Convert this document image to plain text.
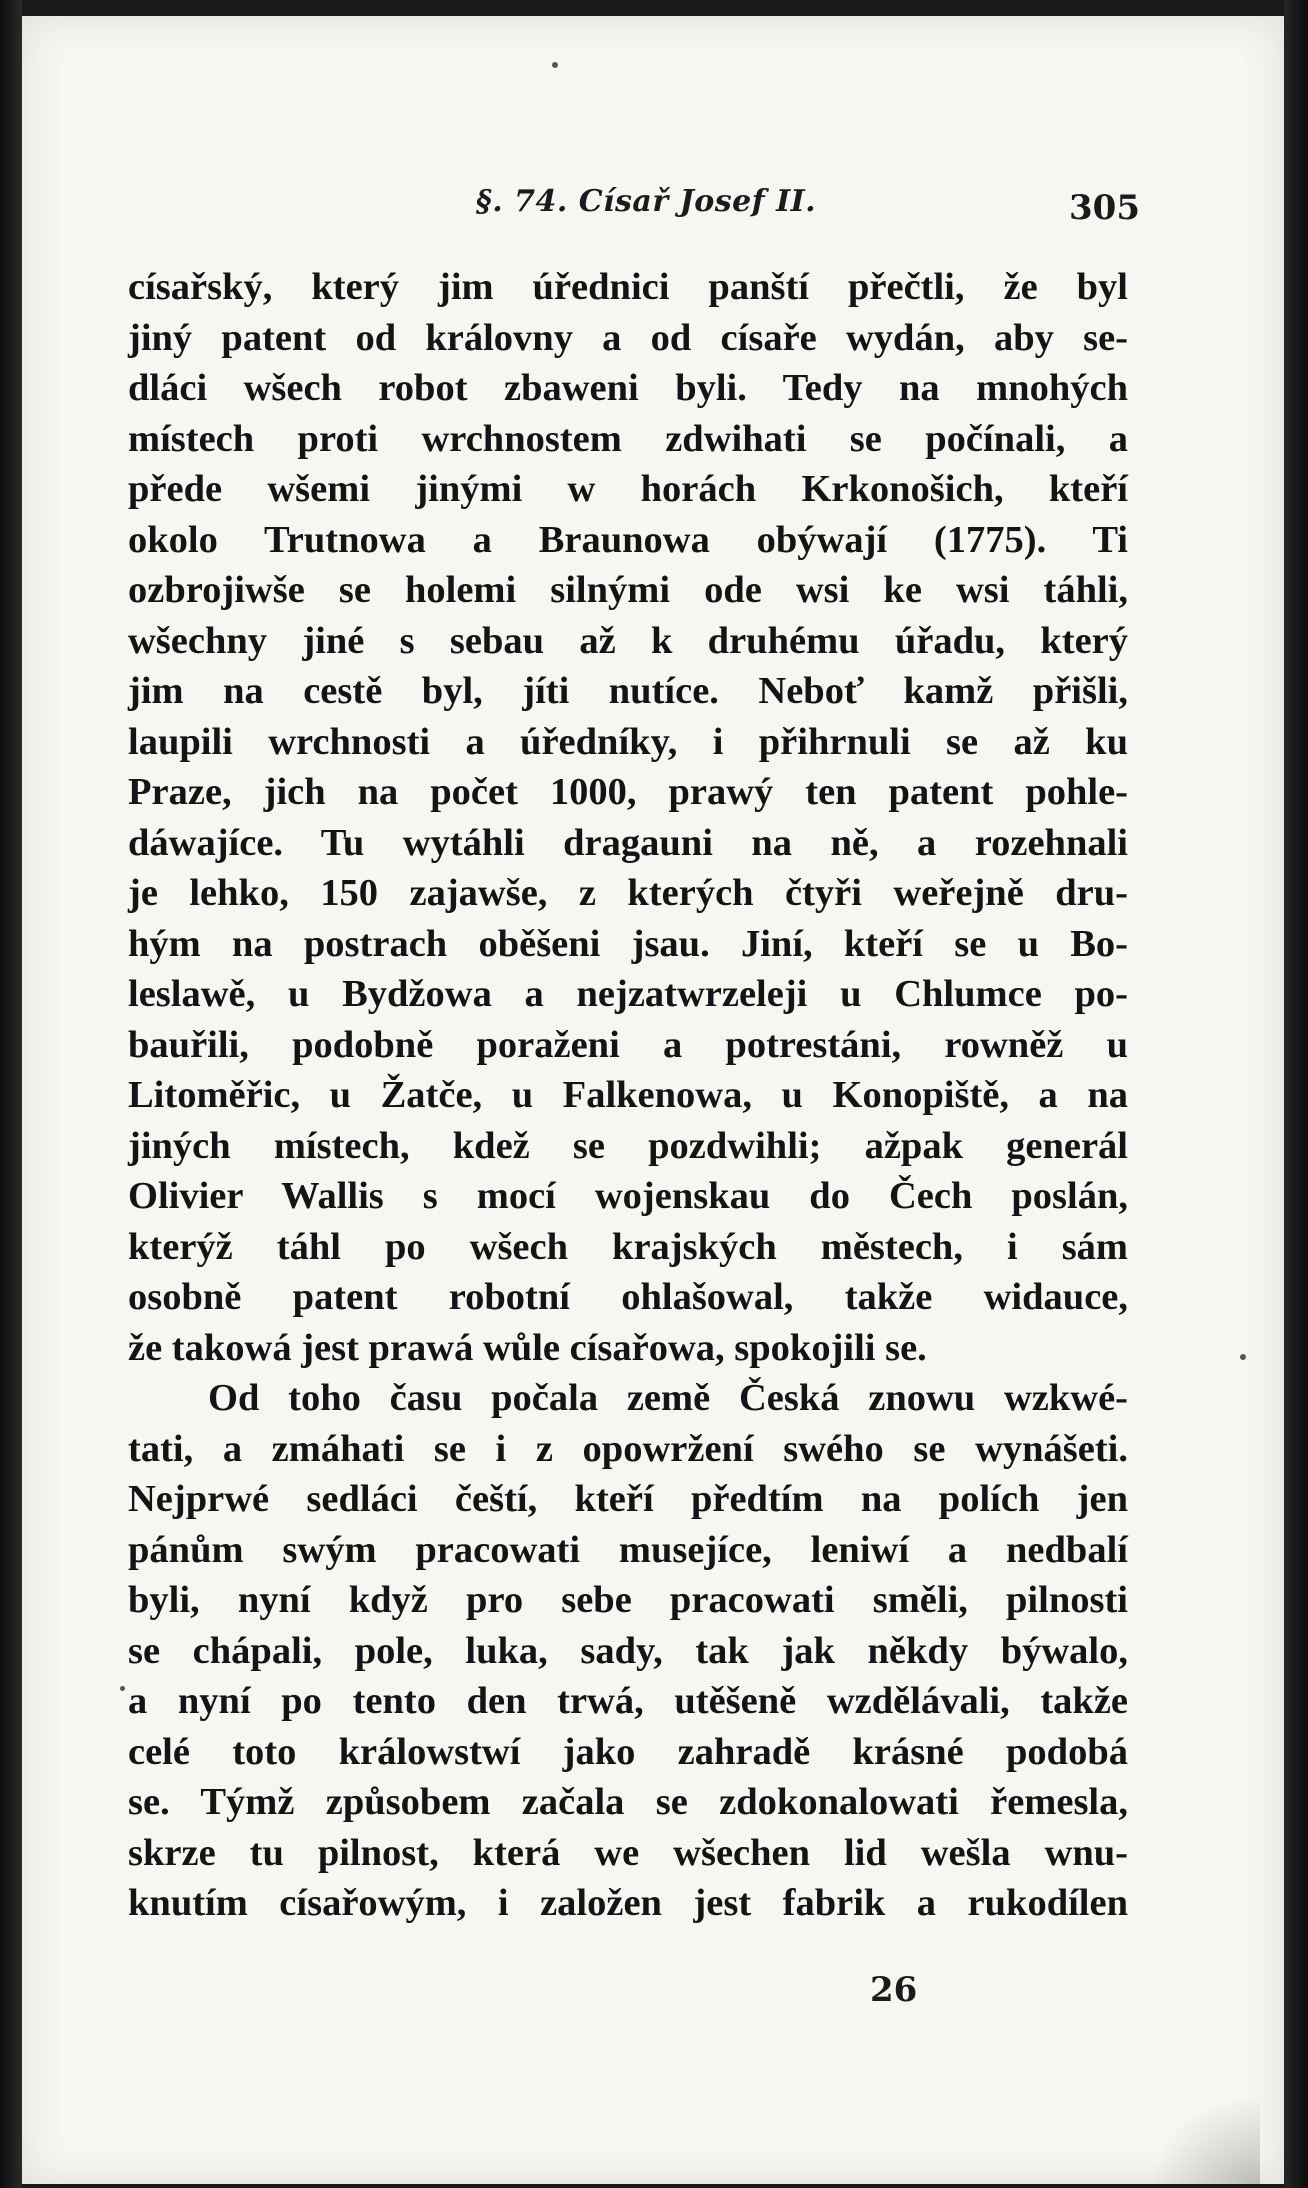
§. 74. Císař Josef II.	305
císařský, který jim úřednici panští přečtli, že byl
jiný patent od královny a od císaře wydán, aby se-
dláci wšech robot zbaweni byli. Tedy na mnohých
místech proti wrchnostem zdwihati se počínali, a
přede wšemi jinými w horách Krkonošich, kteří
okolo Trutnowa a Braunowa obýwají (1775). Ti
ozbrojiwše se holemi silnými ode wsi ke wsi táhli,
wšechny jiné s sebau až k druhému úřadu, který
jim na cestě byl, jíti nutíce. Neboť kamž přišli,
laupili wrchnosti a úředníky, i přihrnuli se až ku
Praze, jich na počet 1000, prawý ten patent pohle-
dáwajíce. Tu wytáhli dragauni na ně, a rozehnali
je lehko, 150 zajawše, z kterých čtyři weřejně dru-
hým na postrach oběšeni jsau. Jiní, kteří se u Bo-
leslawě, u Bydžowa a nejzatwrzeleji u Chlumce po-
bauřili, podobně poraženi a potrestáni, rowněž u
Litoměřic, u Žatče, u Falkenowa, u Konopiště, a na
jiných místech, kdež se pozdwihli; ažpak generál
Olivier Wallis s mocí wojenskau do Čech poslán,
kterýž táhl po wšech krajských městech, i sám
osobně patent robotní ohlašowal, takže widauce,
že takowá jest prawá wůle císařowa, spokojili se.
Od toho času počala země Česká znowu wzkwé-
tati, a zmáhati se i z opowržení swého se wynášeti.
Nejprwé sedláci čeští, kteří předtím na polích jen
pánům swým pracowati musejíce, leniwí a nedbalí
byli, nyní když pro sebe pracowati směli, pilnosti
se chápali, pole, luka, sady, tak jak někdy býwalo,
a nyní po tento den trwá, utěšeně wzdělávali, takže
celé toto králowstwí jako zahradě krásné podobá
se. Týmž způsobem začala se zdokonalowati řemesla,
skrze tu pilnost, která we wšechen lid wešla wnu-
knutím císařowým, i založen jest fabrik a rukodílen
26
